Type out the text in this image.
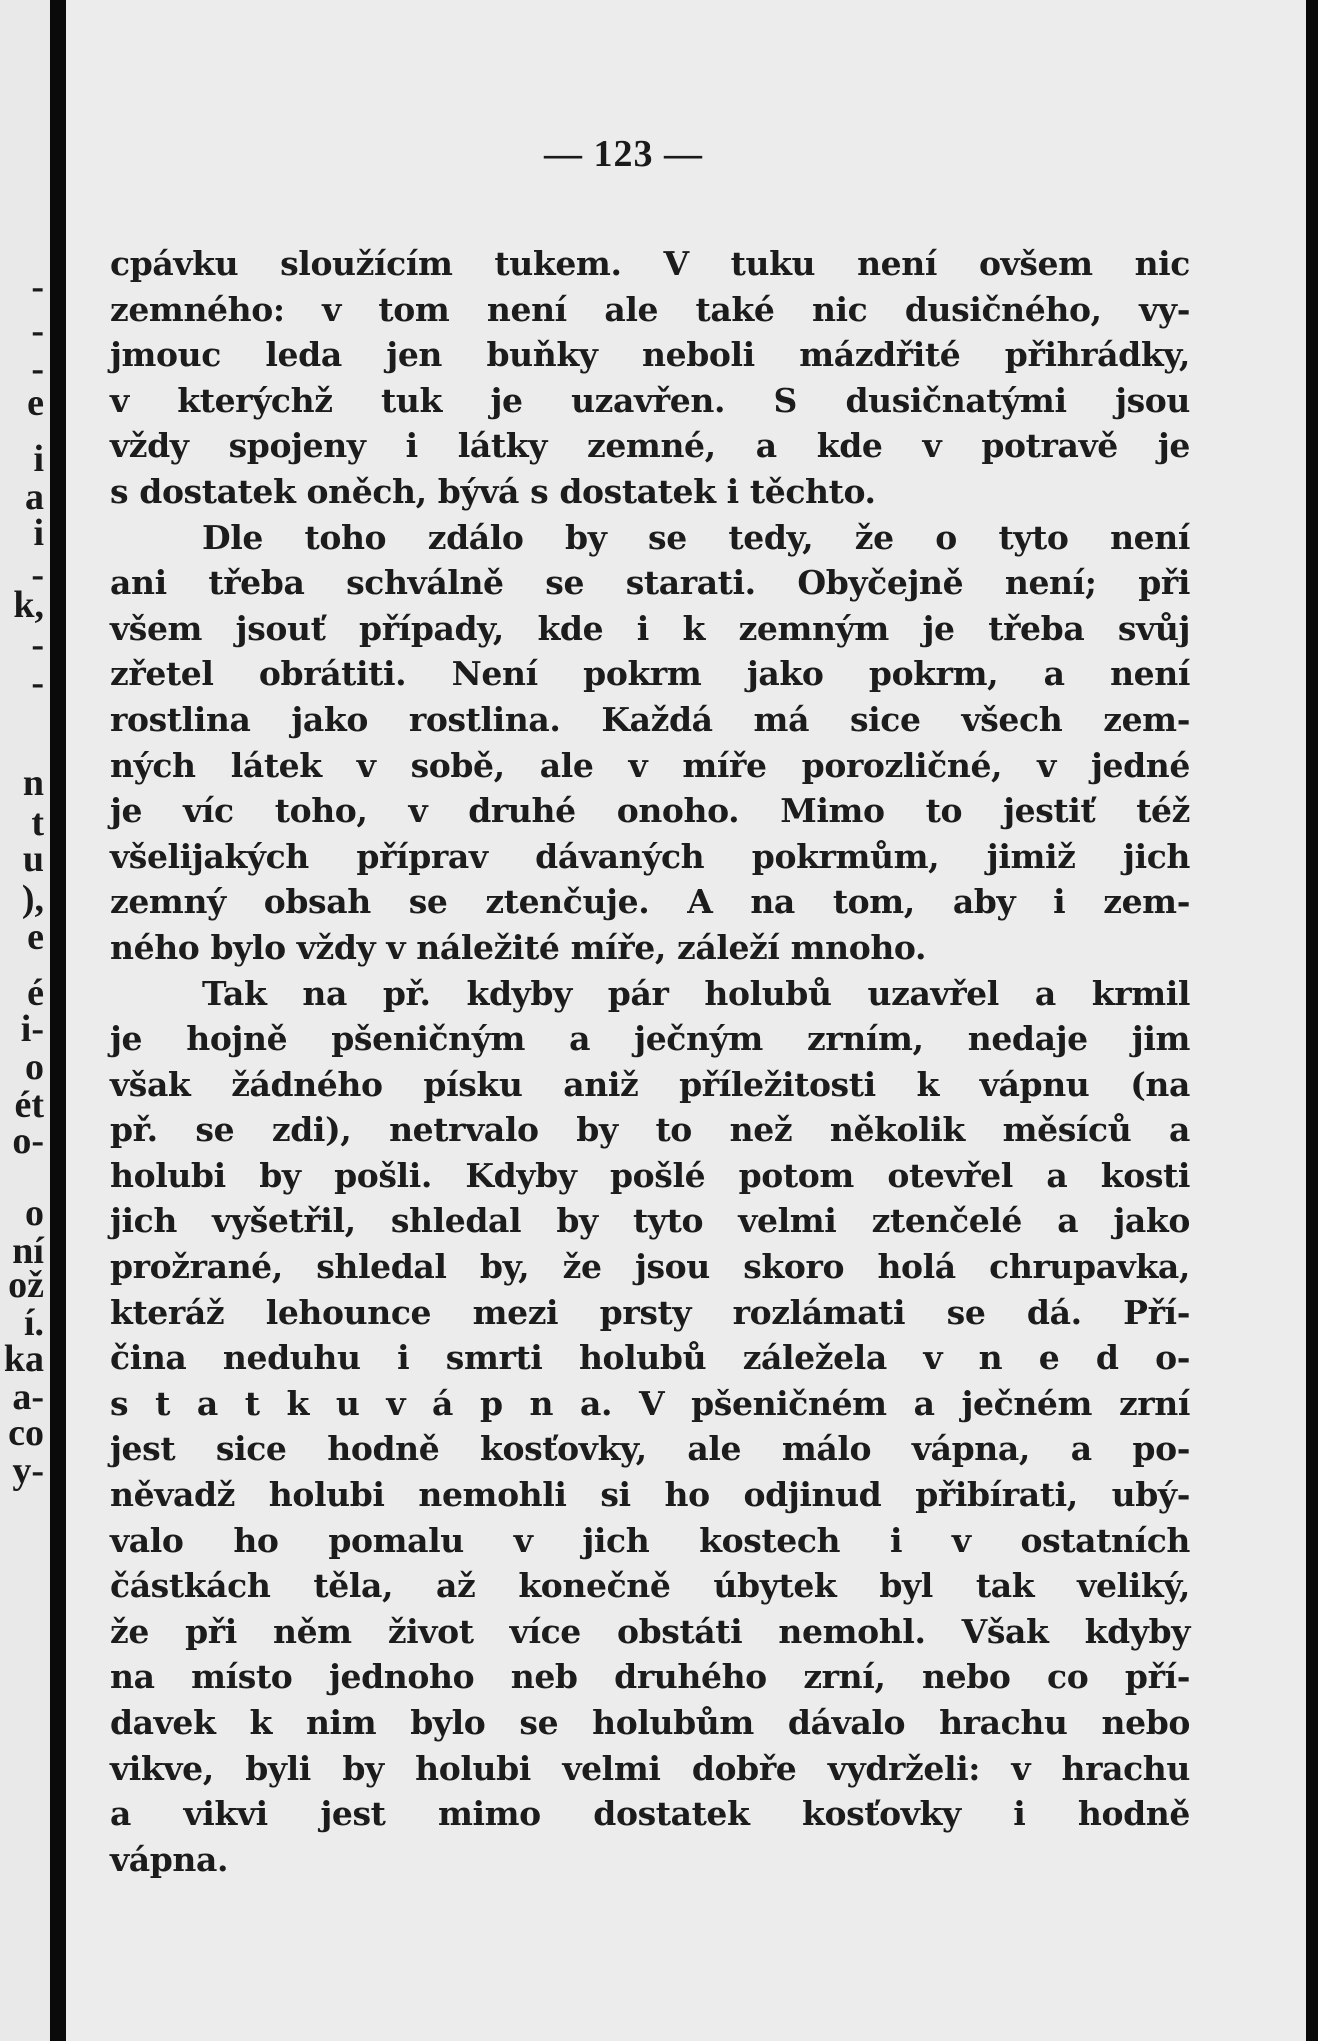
-
-
-
e
i
a
i
-
k,
-
-
n
t
u
),
e
é
i-
o
ét
o-
o
ní
ož
í.
ka
a-
co
y-
— 123 —
cpávku sloužícím tukem. V tuku není ovšem nic
zemného: v tom není ale také nic dusičného, vy-
jmouc leda jen buňky neboli mázdřité přihrádky,
v kterýchž tuk je uzavřen. S dusičnatými jsou
vždy spojeny i látky zemné, a kde v potravě je
s dostatek oněch, bývá s dostatek i těchto.
Dle toho zdálo by se tedy, že o tyto není
ani třeba schválně se starati. Obyčejně není; při
všem jsouť případy, kde i k zemným je třeba svůj
zřetel obrátiti. Není pokrm jako pokrm, a není
rostlina jako rostlina. Každá má sice všech zem-
ných látek v sobě, ale v míře porozličné, v jedné
je víc toho, v druhé onoho. Mimo to jestiť též
všelijakých příprav dávaných pokrmům, jimiž jich
zemný obsah se ztenčuje. A na tom, aby i zem-
ného bylo vždy v náležité míře, záleží mnoho.
Tak na př. kdyby pár holubů uzavřel a krmil
je hojně pšeničným a ječným zrním, nedaje jim
však žádného písku aniž příležitosti k vápnu (na
př. se zdi), netrvalo by to než několik měsíců a
holubi by pošli. Kdyby pošlé potom otevřel a kosti
jich vyšetřil, shledal by tyto velmi ztenčelé a jako
prožrané, shledal by, že jsou skoro holá chrupavka,
kteráž lehounce mezi prsty rozlámati se dá. Pří-
čina neduhu i smrti holubů záležela v n e d o-
s t a t k u v á p n a. V pšeničném a ječném zrní
jest sice hodně kosťovky, ale málo vápna, a po-
něvadž holubi nemohli si ho odjinud přibírati, ubý-
valo ho pomalu v jich kostech i v ostatních
částkách těla, až konečně úbytek byl tak veliký,
že při něm život více obstáti nemohl. Však kdyby
na místo jednoho neb druhého zrní, nebo co pří-
davek k nim bylo se holubům dávalo hrachu nebo
vikve, byli by holubi velmi dobře vydrželi: v hrachu
a vikvi jest mimo dostatek kosťovky i hodně
vápna.
